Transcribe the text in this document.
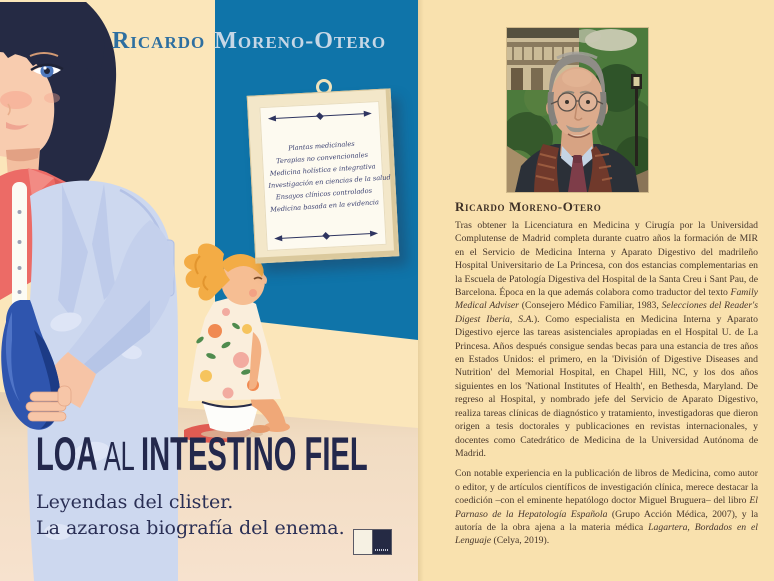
Ricardo Moreno-Otero
Plantas medicinales
Terapias no convencionales
Medicina holística e integrativa
Investigación en ciencias de la salud
Ensayos clínicos controlados
Medicina basada en la evidencia
LOA AL INTESTINO FIEL

Leyendas del clister.

La azarosa biografía del enema.

Ricardo Moreno-Otero

Tras obtener la Licenciatura en Medicina y Cirugía por la Universidad Complutense de Madrid completa durante cuatro años la formación de MIR en el Servicio de Medicina Interna y Aparato Digestivo del madrileño Hospital Universitario de La Princesa, con dos estancias complementarias en la Escuela de Patología Digestiva del Hospital de la Santa Creu i Sant Pau, de Barcelona. Época en la que además colabora como traductor del texto Family Medical Adviser (Consejero Médico Familiar, 1983, Selecciones del Reader's Digest Iberia, S.A.). Como especialista en Medicina Interna y Aparato Digestivo ejerce las tareas asistenciales apropiadas en el Hospital U. de La Princesa. Años después consigue sendas becas para una estancia de tres años en Estados Unidos: el primero, en la 'División of Digestive Diseases and Nutrition' del Memorial Hospital, en Chapel Hill, NC, y los dos años siguientes en los 'National Institutes of Health', en Bethesda, Maryland. De regreso al Hospital, y nombrado jefe del Servicio de Aparato Digestivo, realiza tareas clínicas de diagnóstico y tratamiento, investigadoras que dieron origen a tesis doctorales y publicaciones en revistas internacionales, y docentes como Catedrático de Medicina de la Universidad Autónoma de Madrid.

Con notable experiencia en la publicación de libros de Medicina, como autor o editor, y de artículos científicos de investigación clínica, merece destacar la coedición –con el eminente hepatólogo doctor Miguel Bruguera– del libro El Parnaso de la Hepatología Española (Grupo Acción Médica, 2007), y la autoría de la obra ajena a la materia médica Lagartera, Bordados en el Lenguaje (Celya, 2019).
